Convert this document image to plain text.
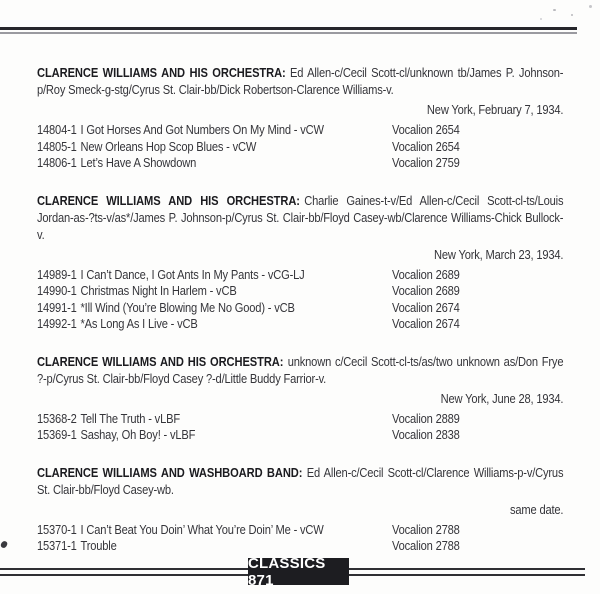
CLARENCE WILLIAMS AND HIS ORCHESTRA: Ed Allen-c/Cecil Scott-cl/unknown tb/James P. Johnson-p/Roy Smeck-g-stg/Cyrus St. Clair-bb/Dick Robertson-Clarence Williams-v.
New York, February 7, 1934.
14804-1 I Got Horses And Got Numbers On My Mind - vCW	Vocalion 2654
14805-1 New Orleans Hop Scop Blues - vCW	Vocalion 2654
14806-1 Let’s Have A Showdown	Vocalion 2759
CLARENCE WILLIAMS AND HIS ORCHESTRA: Charlie Gaines-t-v/Ed Allen-c/Cecil Scott-cl-ts/Louis Jordan-as-?ts-v/as*/James P. Johnson-p/Cyrus St. Clair-bb/Floyd Casey-wb/Clarence Williams-Chick Bullock-v.
New York, March 23, 1934.
14989-1 I Can’t Dance, I Got Ants In My Pants - vCG-LJ	Vocalion 2689
14990-1 Christmas Night In Harlem - vCB	Vocalion 2689
14991-1 *Ill Wind (You’re Blowing Me No Good) - vCB	Vocalion 2674
14992-1 *As Long As I Live - vCB	Vocalion 2674
CLARENCE WILLIAMS AND HIS ORCHESTRA: unknown c/Cecil Scott-cl-ts/as/two unknown as/Don Frye ?-p/Cyrus St. Clair-bb/Floyd Casey ?-d/Little Buddy Farrior-v.
New York, June 28, 1934.
15368-2 Tell The Truth - vLBF	Vocalion 2889
15369-1 Sashay, Oh Boy! - vLBF	Vocalion 2838
CLARENCE WILLIAMS AND WASHBOARD BAND: Ed Allen-c/Cecil Scott-cl/Clarence Williams-p-v/Cyrus St. Clair-bb/Floyd Casey-wb.
same date.
15370-1 I Can’t Beat You Doin’ What You’re Doin’ Me - vCW	Vocalion 2788
15371-1 Trouble	Vocalion 2788
CLASSICS 871
